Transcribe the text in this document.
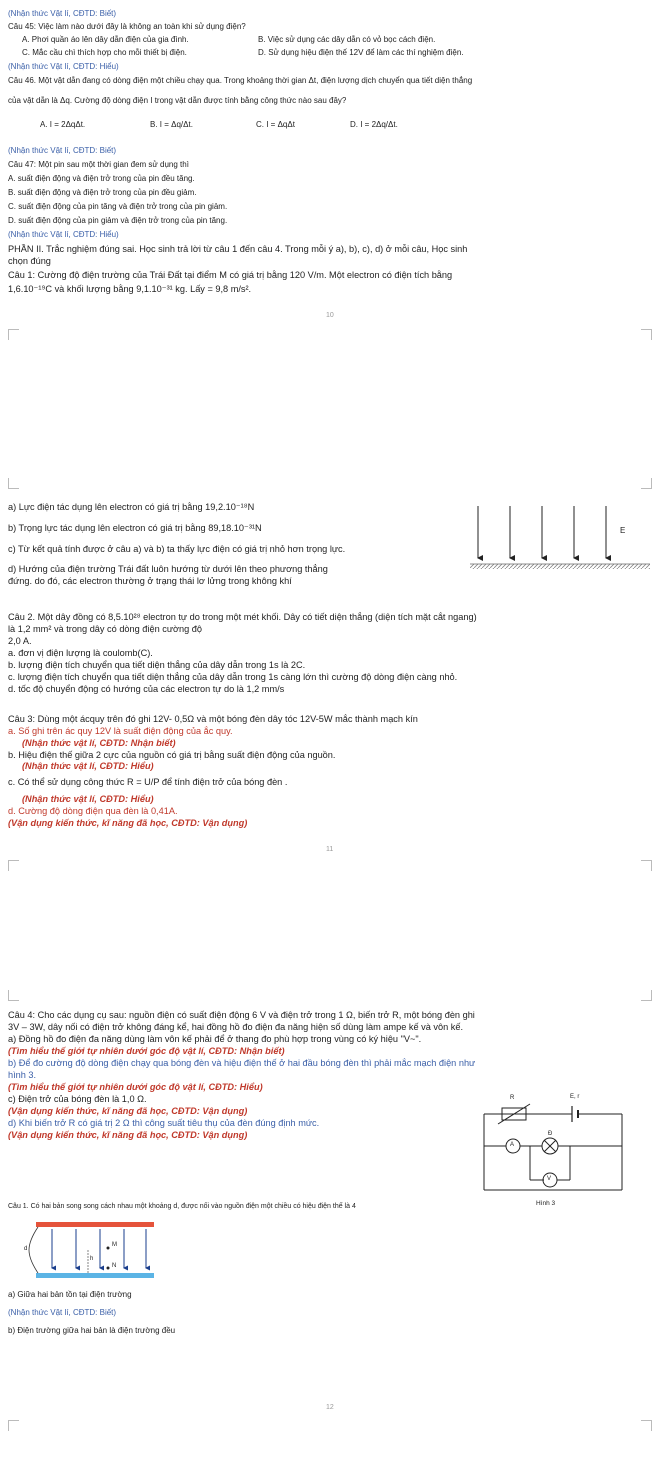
(Nhận thức Vật lí, CĐTD: Biết)
Câu 45: Việc làm nào dưới đây là không an toàn khi sử dụng điện?
A. Phơi quần áo lên dây dẫn điện của gia đình.	B. Việc sử dụng các dây dẫn có vỏ bọc cách điện.
C. Mắc cầu chì thích hợp cho mỗi thiết bị điện.	D. Sử dụng hiệu điện thế 12V để làm các thí nghiệm điện.
(Nhận thức Vật lí, CĐTD: Hiểu)
Câu 46. Một vật dẫn đang có dòng điện một chiều chạy qua. Trong khoảng thời gian Δt, điện lượng dịch chuyển qua tiết diện thẳng
của vật dẫn là Δq. Cường độ dòng điện I trong vật dẫn được tính bằng công thức nào sau đây?
A. I = 2ΔqΔt.	B. I = Δq/Δt.	C. I = ΔqΔt	D. I = 2Δq/Δt.
(Nhận thức Vật lí, CĐTD: Biết)
Câu 47: Một pin sau một thời gian đem sử dụng thì
A. suất điện động và điện trở trong của pin đều tăng.
B. suất điện động và điện trở trong của pin đều giảm.
C. suất điện động của pin tăng và điện trở trong của pin giảm.
D. suất điện động của pin giảm và điện trở trong của pin tăng.
(Nhận thức Vật lí, CĐTD: Hiểu)
PHẦN II. Trắc nghiệm đúng sai. Học sinh trả lời từ câu 1 đến câu 4. Trong mỗi ý a), b), c), d) ở mỗi câu, Học sinh
chọn đúng
Câu 1: Cường độ điện trường của Trái Đất tại điểm M có giá trị bằng 120 V/m. Một electron có điện tích bằng
1,6.10⁻¹⁹C và khối lượng bằng 9,1.10⁻³¹ kg. Lấy = 9,8 m/s².
10
a) Lực điện tác dụng lên electron có giá trị bằng 19,2.10⁻¹⁸N
b) Trọng lực tác dụng lên electron có giá trị bằng 89,18.10⁻³¹N
c) Từ kết quả tính được ở câu a) và b) ta thấy lực điện có giá trị nhỏ hơn trọng lực.
d) Hướng của điện trường Trái đất luôn hướng từ dưới lên theo phương thẳng
đứng. do đó, các electron thường ở trạng thái lơ lửng trong không khí
E
Câu 2. Một dây đồng có 8,5.10²⁸ electron tự do trong một mét khối. Dây có tiết diện thẳng (diện tích mặt cắt ngang)
là 1,2 mm² và trong dây có dòng điện cường độ
2,0 A.
a. đơn vị điện lượng là coulomb(C).
b. lượng điện tích chuyển qua tiết diện thẳng của dây dẫn trong 1s là 2C.
c. lượng điện tích chuyển qua tiết diện thẳng của dây dẫn trong 1s càng lớn thì cường độ dòng điện càng nhỏ.
d. tốc độ chuyển động có hướng của các electron tự do là 1,2 mm/s
Câu 3: Dùng một ácquy trên đó ghi 12V- 0,5Ω và một bóng đèn dây tóc 12V-5W mắc thành mạch kín
a. Số ghi trên ác quy 12V là suất điện động của ắc quy.
(Nhận thức vật lí, CĐTD: Nhận biết)
b. Hiệu điện thế giữa 2 cực của nguồn có giá trị bằng suất điện động của nguồn.
(Nhận thức vật lí, CĐTD: Hiểu)
c. Có thể sử dụng công thức R = U/P để tính điện trở của bóng đèn .
(Nhận thức vật lí, CĐTD: Hiểu)
d. Cường độ dòng điện qua đèn là 0,41A.
(Vận dụng kiến thức, kĩ năng đã học, CĐTD: Vận dụng)
11
Câu 4: Cho các dụng cụ sau: nguồn điện có suất điện động 6 V và điện trở trong 1 Ω, biến trở R, một bóng đèn ghi
3V – 3W, dây nối có điện trở không đáng kể, hai đồng hồ đo điện đa năng hiện số dùng làm ampe kế và vôn kế.
a) Đồng hồ đo điện đa năng dùng làm vôn kế phải để ở thang đo phù hợp trong vùng có ký hiệu "V~".
(Tìm hiểu thế giới tự nhiên dưới góc độ vật lí, CĐTD: Nhận biết)
b) Để đo cường độ dòng điện chạy qua bóng đèn và hiệu điện thế ở hai đầu bóng đèn thì phải mắc mạch điện như
hình 3.
(Tìm hiểu thế giới tự nhiên dưới góc độ vật lí, CĐTD: Hiểu)
c) Điện trở của bóng đèn là 1,0 Ω.
(Vận dụng kiến thức, kĩ năng đã học, CĐTD: Vận dụng)
d) Khi biến trở R có giá trị 2 Ω thì công suất tiêu thụ của đèn đúng định mức.
(Vận dụng kiến thức, kĩ năng đã học, CĐTD: Vận dụng)
R	E, r
A
Đ
V
Hình 3
Câu 1. Có hai bản song song cách nhau một khoảng d, được nối vào nguồn điện một chiều có hiệu điện thế là 4
M
N
h
d
a) Giữa hai bản tồn tại điện trường
(Nhận thức Vật lí, CĐTD: Biết)
b) Điện trường giữa hai bản là điện trường đều
12
